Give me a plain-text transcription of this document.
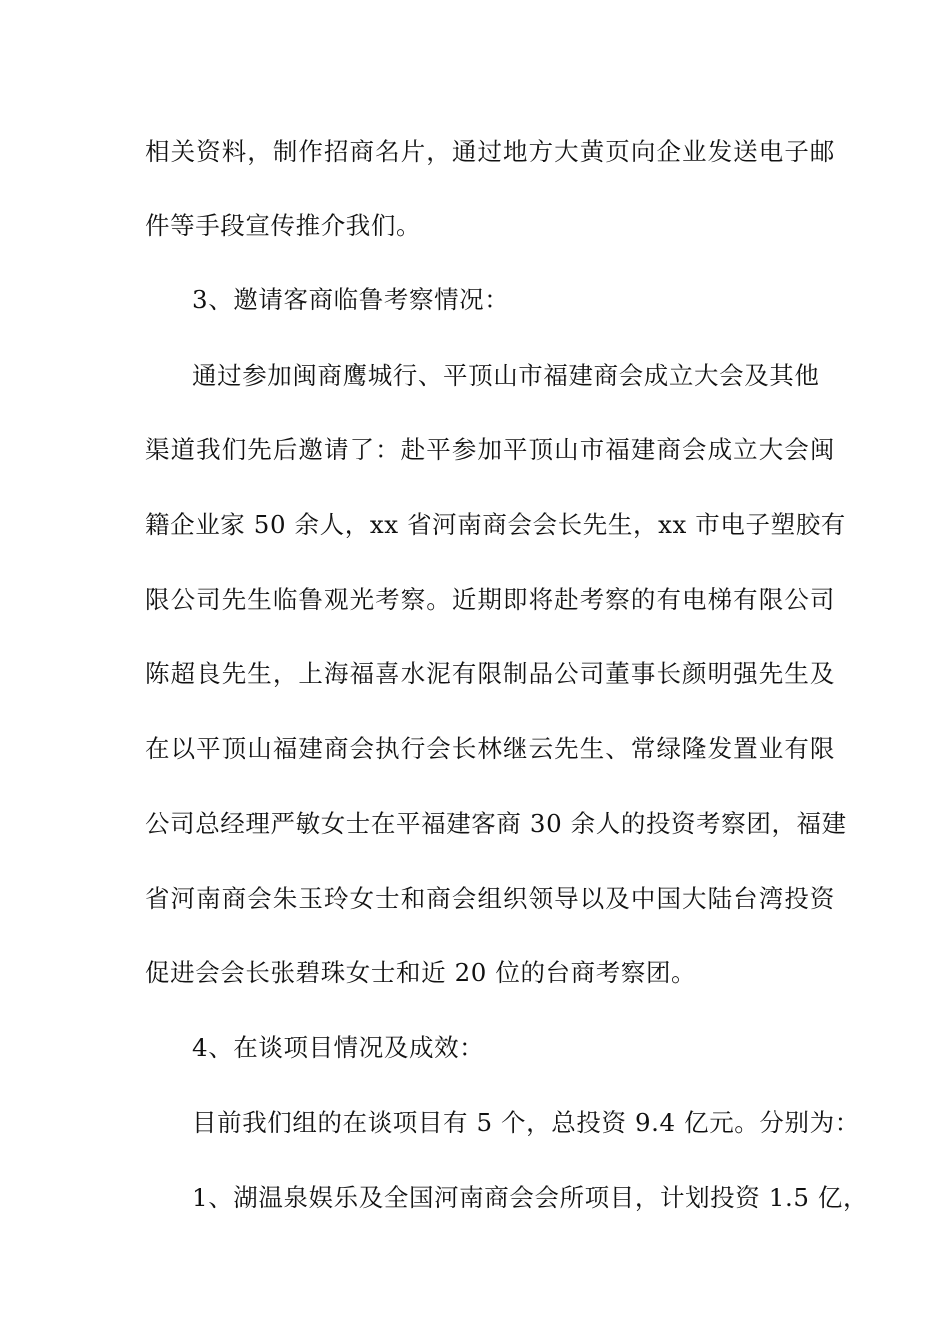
相关资料，制作招商名片，通过地方大黄页向企业发送电子邮
件等手段宣传推介我们。
3、邀请客商临鲁考察情况：
通过参加闽商鹰城行、平顶山市福建商会成立大会及其他
渠道我们先后邀请了：赴平参加平顶山市福建商会成立大会闽
籍企业家 50 余人，xx 省河南商会会长先生，xx 市电子塑胶有
限公司先生临鲁观光考察。近期即将赴考察的有电梯有限公司
陈超良先生，上海福喜水泥有限制品公司董事长颜明强先生及
在以平顶山福建商会执行会长林继云先生、常绿隆发置业有限
公司总经理严敏女士在平福建客商 30 余人的投资考察团，福建
省河南商会朱玉玲女士和商会组织领导以及中国大陆台湾投资
促进会会长张碧珠女士和近 20 位的台商考察团。
4、在谈项目情况及成效：
目前我们组的在谈项目有 5 个，总投资 9.4 亿元。分别为：
1、湖温泉娱乐及全国河南商会会所项目，计划投资 1.5 亿，
